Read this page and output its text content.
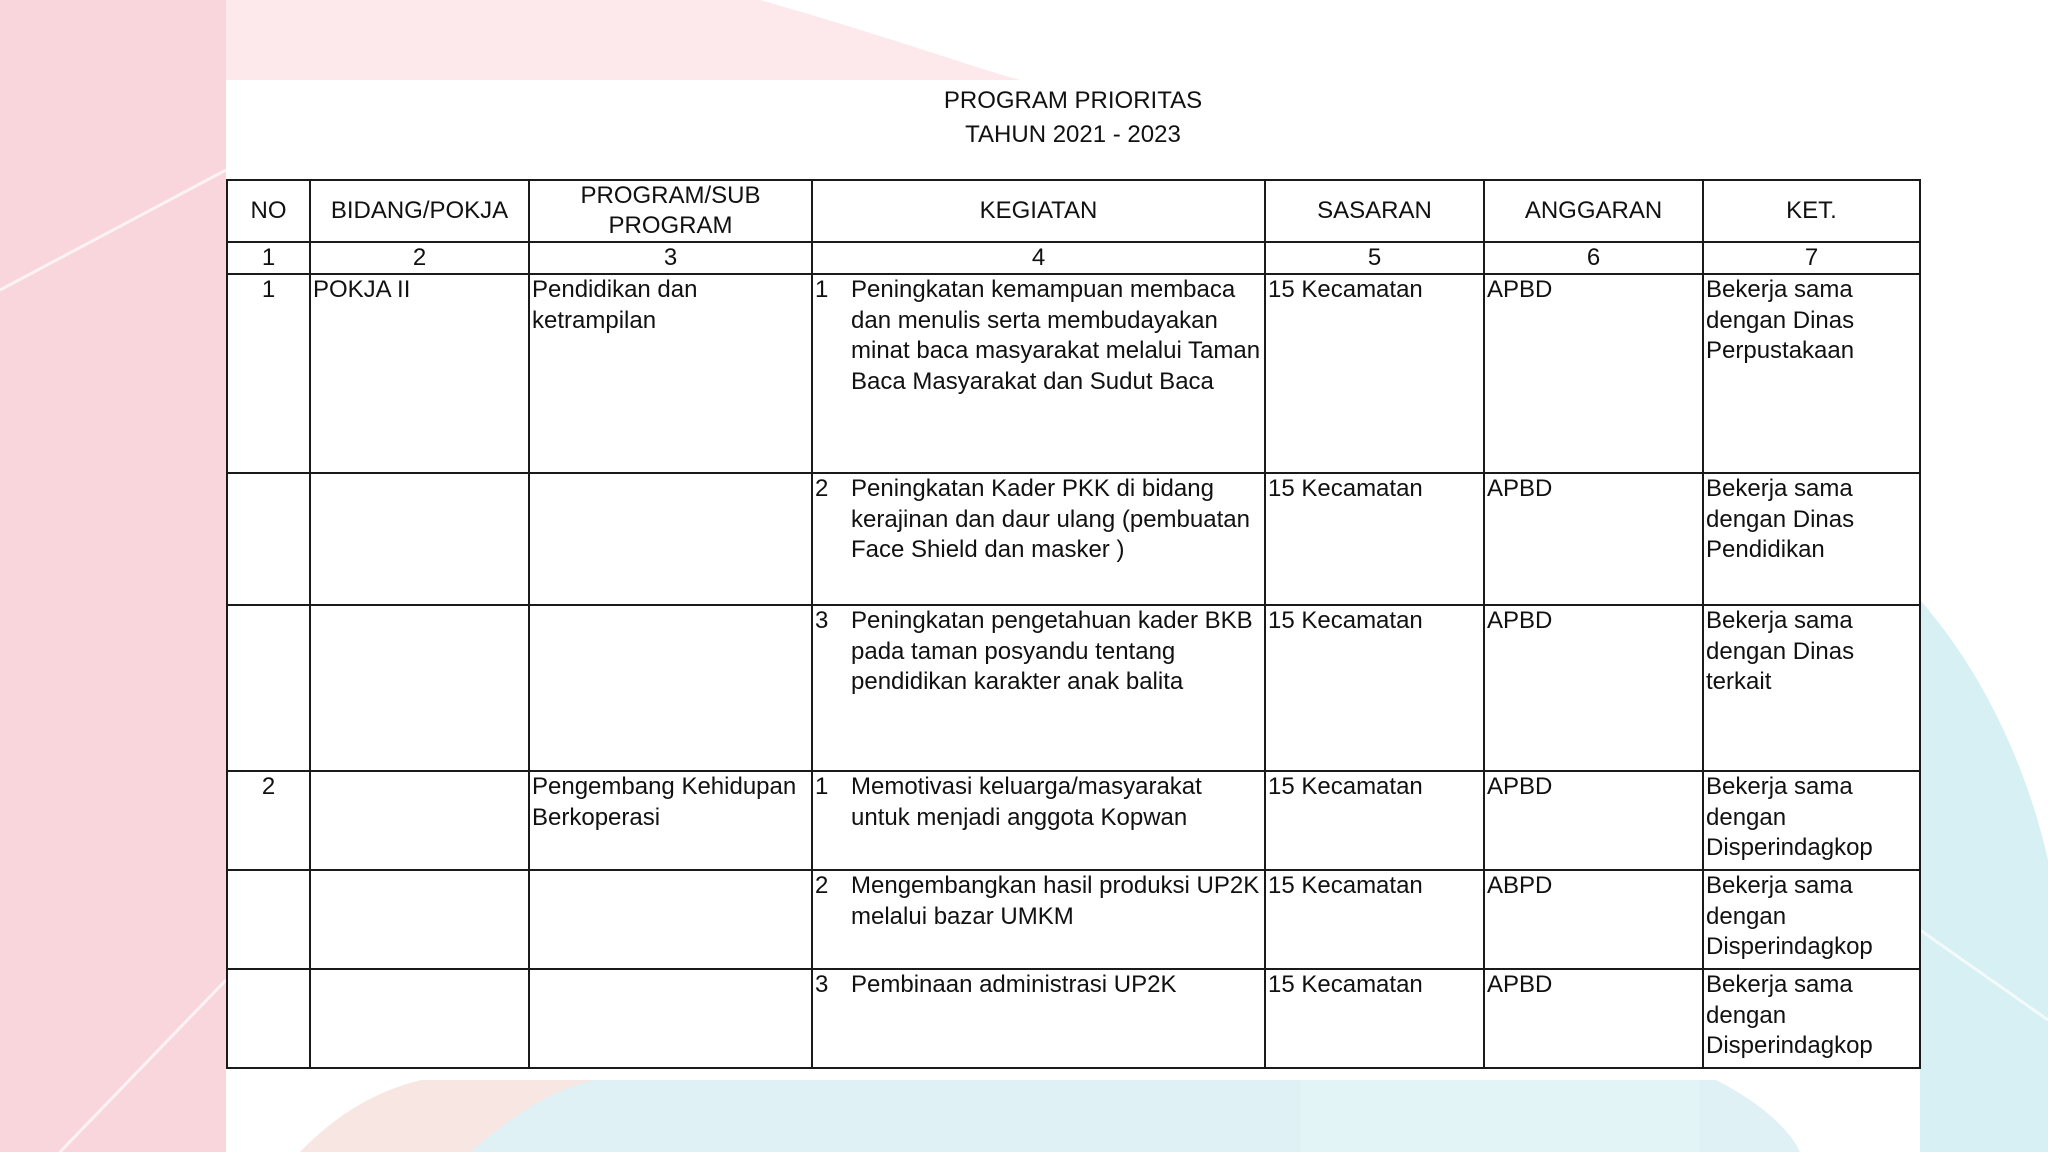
PROGRAM PRIORITAS
TAHUN 2021 - 2023
NO	BIDANG/POKJA	PROGRAM/SUB PROGRAM	KEGIATAN	SASARAN	ANGGARAN	KET.
1	2	3	4	5	6	7
1	POKJA II	Pendidikan dan ketrampilan	1 Peningkatan kemampuan membaca dan menulis serta membudayakan minat baca masyarakat melalui Taman Baca Masyarakat dan Sudut Baca	15 Kecamatan	APBD	Bekerja sama dengan Dinas Perpustakaan

			2 Peningkatan Kader PKK di bidang kerajinan dan daur ulang (pembuatan Face Shield dan masker )	15 Kecamatan	APBD	Bekerja sama dengan Dinas Pendidikan

			3 Peningkatan pengetahuan kader BKB pada taman posyandu tentang pendidikan karakter anak balita	15 Kecamatan	APBD	Bekerja sama dengan Dinas terkait
2		Pengembang Kehidupan Berkoperasi	1 Memotivasi keluarga/masyarakat untuk menjadi anggota Kopwan	15 Kecamatan	APBD	Bekerja sama dengan Disperindagkop

			2 Mengembangkan hasil produksi UP2K melalui bazar UMKM	15 Kecamatan	ABPD	Bekerja sama dengan Disperindagkop

			3 Pembinaan administrasi UP2K	15 Kecamatan	APBD	Bekerja sama dengan Disperindagkop
